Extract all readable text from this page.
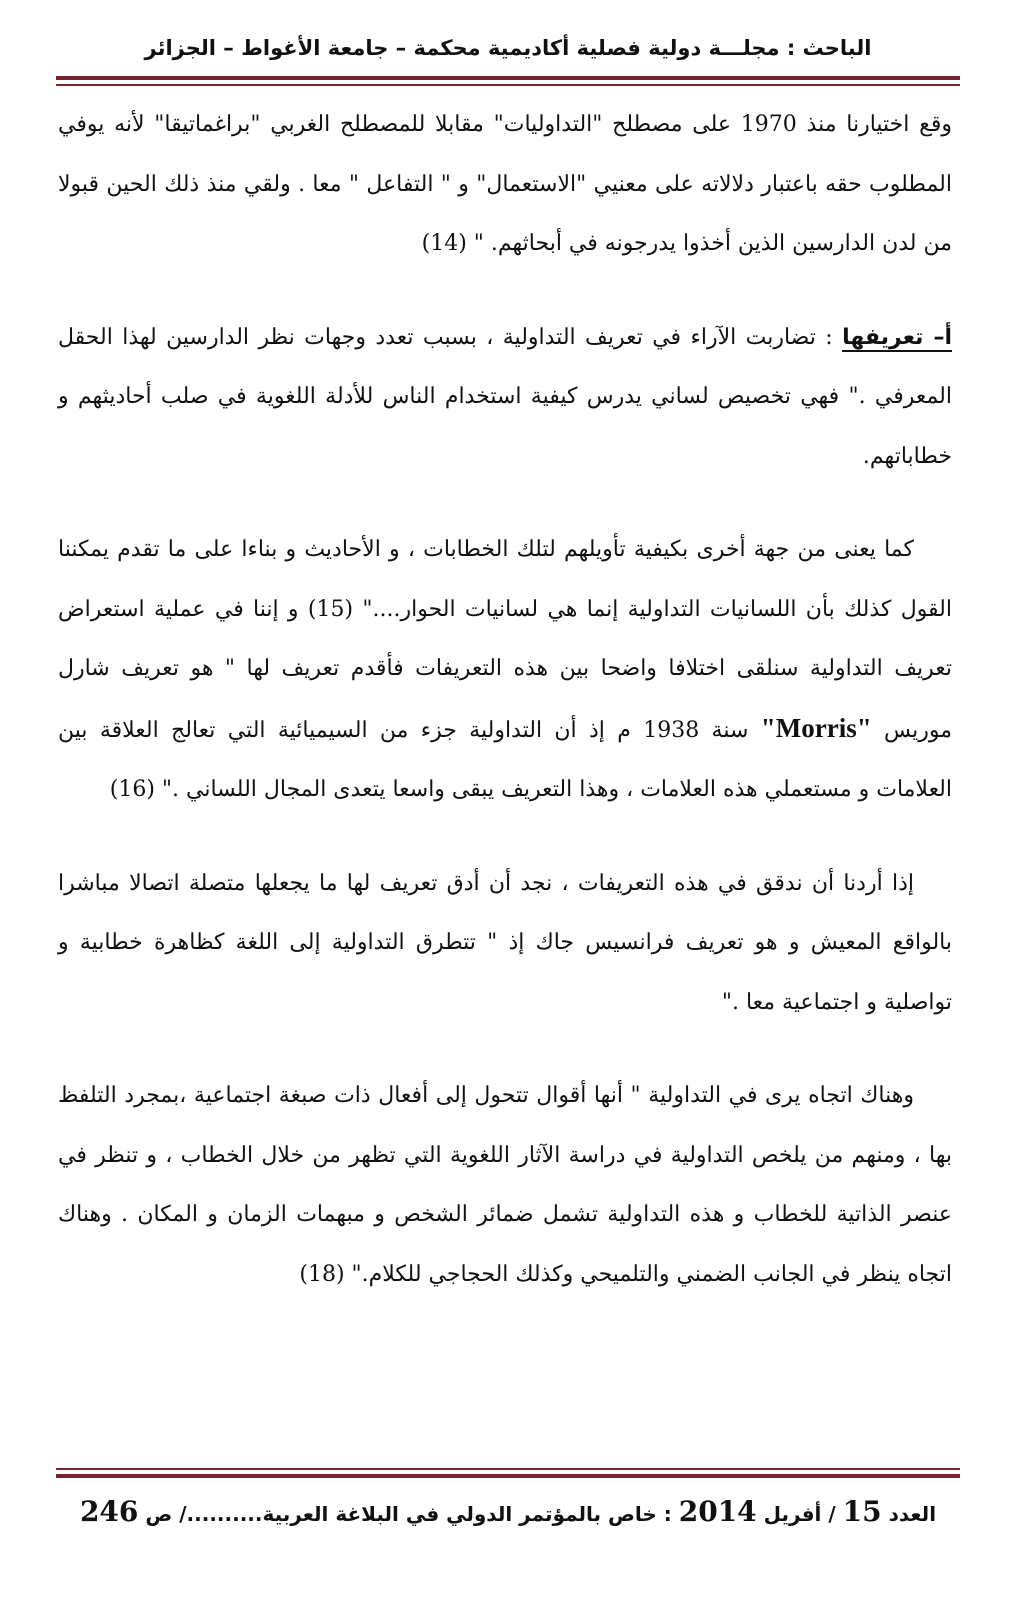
الباحث : مجلـــة دولية فصلية أكاديمية محكمة – جامعة الأغواط – الجزائر

وقع اختيارنا منذ 1970 على مصطلح "التداوليات" مقابلا للمصطلح الغربي "براغماتيقا" لأنه يوفي المطلوب حقه باعتبار دلالاته على معنيي "الاستعمال" و " التفاعل " معا . ولقي منذ ذلك الحين قبولا من لدن الدارسين الذين أخذوا يدرجونه في أبحاثهم. " (14)

أ– تعريفها : تضاربت الآراء في تعريف التداولية ، بسبب تعدد وجهات نظر الدارسين لهذا الحقل المعرفي ." فهي تخصيص لساني يدرس كيفية استخدام الناس للأدلة اللغوية في صلب أحاديثهم و خطاباتهم.

كما يعنى من جهة أخرى بكيفية تأويلهم لتلك الخطابات ، و الأحاديث و بناءا على ما تقدم يمكننا القول كذلك بأن اللسانيات التداولية إنما هي لسانيات الحوار...." (15) و إننا في عملية استعراض تعريف التداولية سنلقى اختلافا واضحا بين هذه التعريفات فأقدم تعريف لها " هو تعريف شارل موريس "Morris" سنة 1938 م إذ أن التداولية جزء من السيميائية التي تعالج العلاقة بين العلامات و مستعملي هذه العلامات ، وهذا التعريف يبقى واسعا يتعدى المجال اللساني ." (16)

إذا أردنا أن ندقق في هذه التعريفات ، نجد أن أدق تعريف لها ما يجعلها متصلة اتصالا مباشرا بالواقع المعيش و هو تعريف فرانسيس جاك إذ " تتطرق التداولية إلى اللغة كظاهرة خطابية و تواصلية و اجتماعية معا ."

وهناك اتجاه يرى في التداولية " أنها أقوال تتحول إلى أفعال ذات صبغة اجتماعية ،بمجرد التلفظ بها ، ومنهم من يلخص التداولية في دراسة الآثار اللغوية التي تظهر من خلال الخطاب ، و تنظر في عنصر الذاتية للخطاب و هذه التداولية تشمل ضمائر الشخص و مبهمات الزمان و المكان . وهناك اتجاه ينظر في الجانب الضمني والتلميحي وكذلك الحجاجي للكلام." (18)

العدد 15 / أفريل 2014 : خاص بالمؤتمر الدولي في البلاغة العربية........../ ص 246
